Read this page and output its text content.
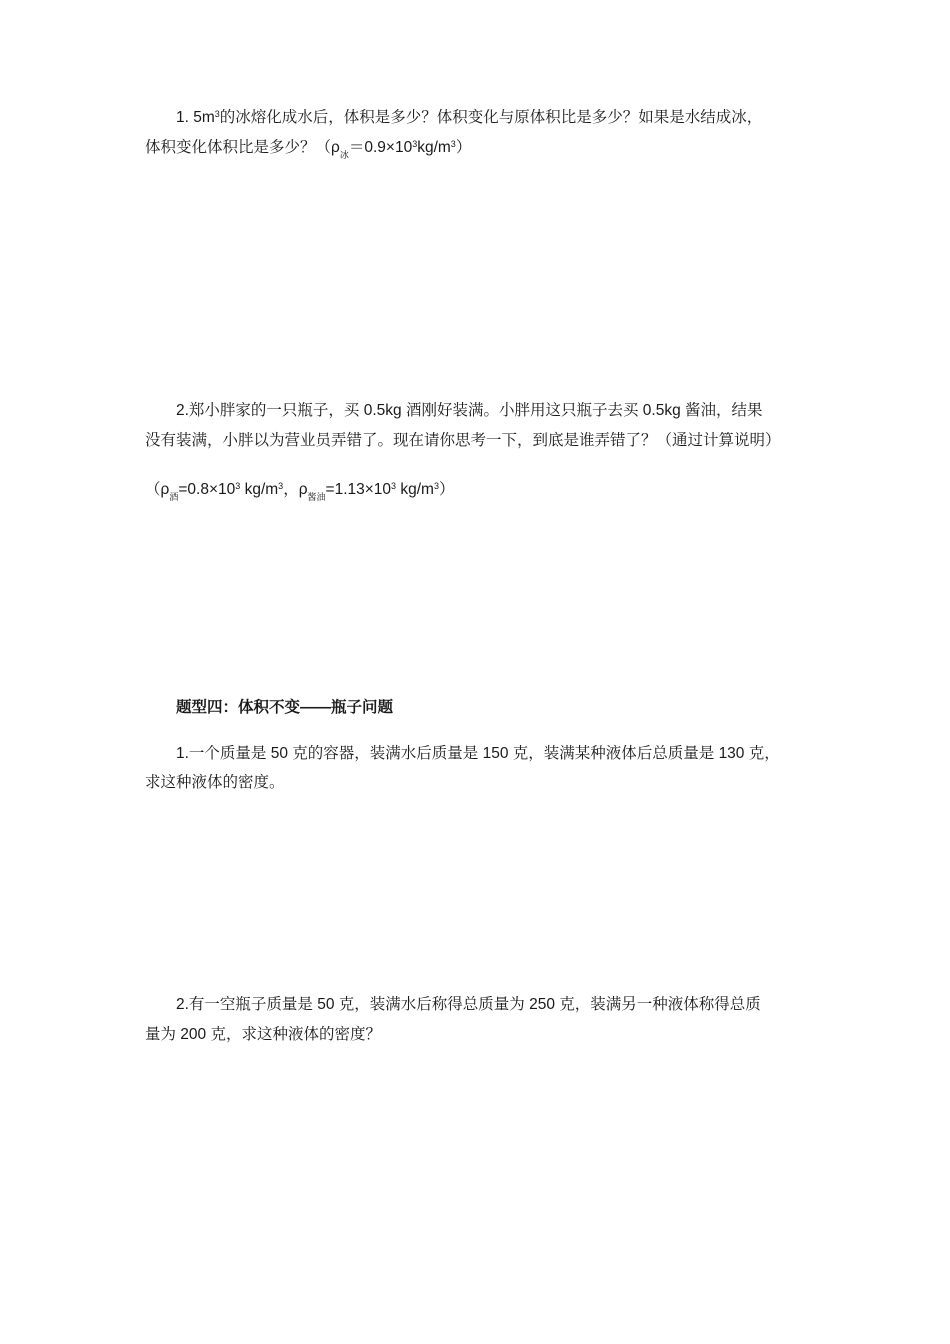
1. $5m^3$的冰熔化成水后，体积是多少？体积变化与原体积比是多少？如果是水结成冰，
体积变化体积比是多少？$(\rho_冰=0.9\times 10^3kg/m^3)$
2.郑小胖家的一只瓶子，买 0.5kg 酒刚好装满。小胖用这只瓶子去买 0.5kg 酱油，结果
没有装满，小胖以为营业员弄错了。现在请你思考一下，到底是谁弄错了？（通过计算说明）
（$\rho_酒=0.8\times 10^3$ $kg/m^3$，$\rho_{酱油}=1.13\times 10^3$ $kg/m^3$）
题型四：体积不变——瓶子问题
1.一个质量是 50 克的容器，装满水后质量是 150 克，装满某种液体后总质量是 130 克，
求这种液体的密度。
2.有一空瓶子质量是 50 克，装满水后称得总质量为 250 克，装满另一种液体称得总质
量为 200 克，求这种液体的密度？
